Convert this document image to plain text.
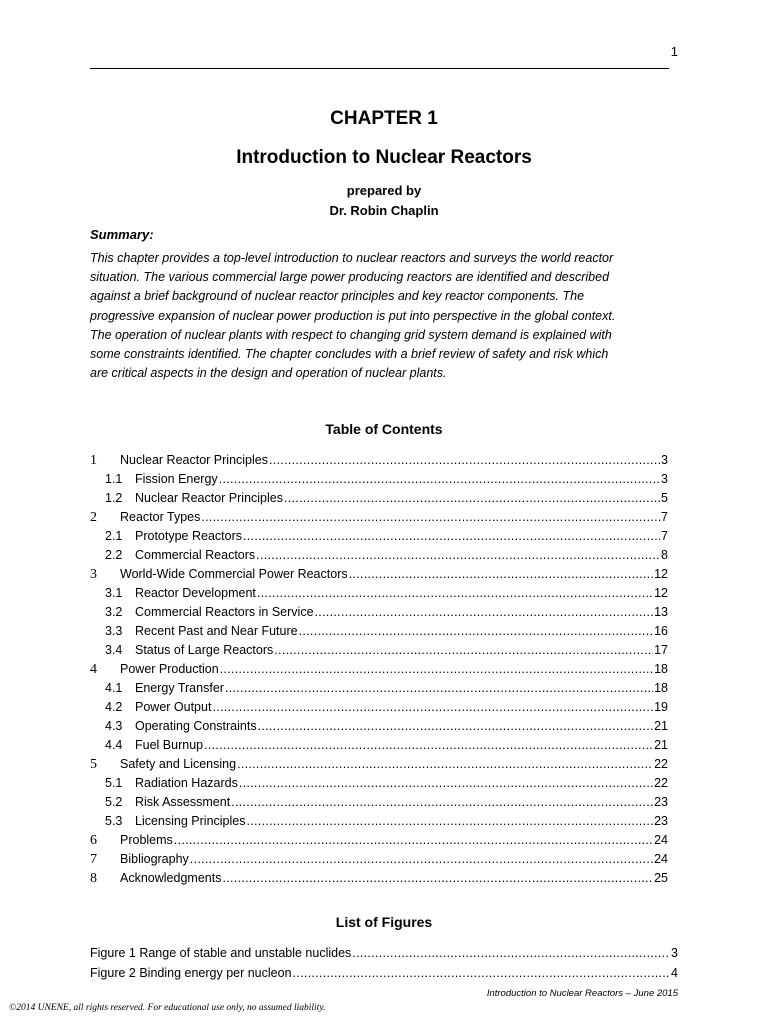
1
CHAPTER 1
Introduction to Nuclear Reactors
prepared by
Dr. Robin Chaplin
Summary:

This chapter provides a top-level introduction to nuclear reactors and surveys the world reactor

situation. The various commercial large power producing reactors are identified and described

against a brief background of nuclear reactor principles and key reactor components. The

progressive expansion of nuclear power production is put into perspective in the global context.

The operation of nuclear plants with respect to changing grid system demand is explained with

some constraints identified. The chapter concludes with a brief review of safety and risk which

are critical aspects in the design and operation of nuclear plants.

Table of Contents
1	Nuclear Reactor Principles .....	3
1.1	Fission Energy .....	3
1.2	Nuclear Reactor Principles .....	5
2	Reactor Types .....	7
2.1	Prototype Reactors .....	7
2.2	Commercial Reactors .....	8
3	World-Wide Commercial Power Reactors .....	12
3.1	Reactor Development .....	12
3.2	Commercial Reactors in Service .....	13
3.3	Recent Past and Near Future .....	16
3.4	Status of Large Reactors .....	17
4	Power Production .....	18
4.1	Energy Transfer .....	18
4.2	Power Output .....	19
4.3	Operating Constraints .....	21
4.4	Fuel Burnup .....	21
5	Safety and Licensing .....	22
5.1	Radiation Hazards .....	22
5.2	Risk Assessment .....	23
5.3	Licensing Principles .....	23
6	Problems .....	24
7	Bibliography .....	24
8	Acknowledgments .....	25
List of Figures
Figure 1 Range of stable and unstable nuclides .....	3
Figure 2 Binding energy per nucleon .....	4
Introduction to Nuclear Reactors – June 2015
©2014 UNENE, all rights reserved. For educational use only, no assumed liability.
